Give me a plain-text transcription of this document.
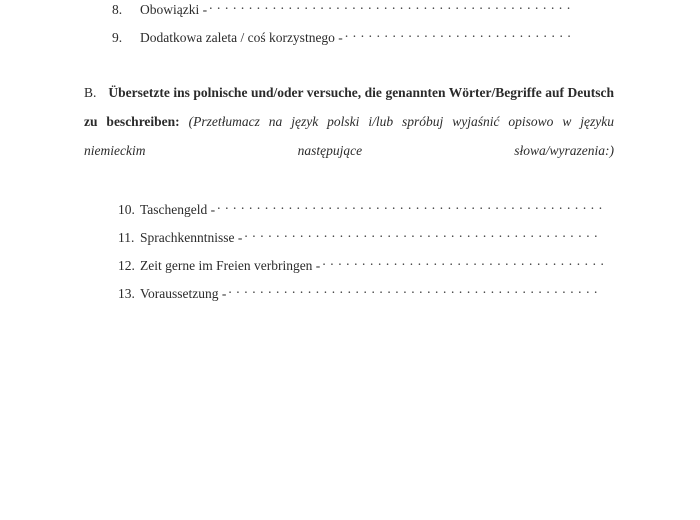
8.	Obowiązki -
. . .
9.	Dodatkowa zaleta / coś korzystnego -
. . .

B. Übersetzte ins polnische und/oder versuche, die genannten Wörter/Begriffe auf Deutsch zu beschreiben: (Przetłumacz na język polski i/lub spróbuj wyjaśnić opisowo w języku niemieckim następujące słowa/wyrazenia:)

10. Taschengeld -
. . .
11. Sprachkenntnisse -
. . .
12. Zeit gerne im Freien verbringen -
. . .
13. Voraussetzung -
. . .
